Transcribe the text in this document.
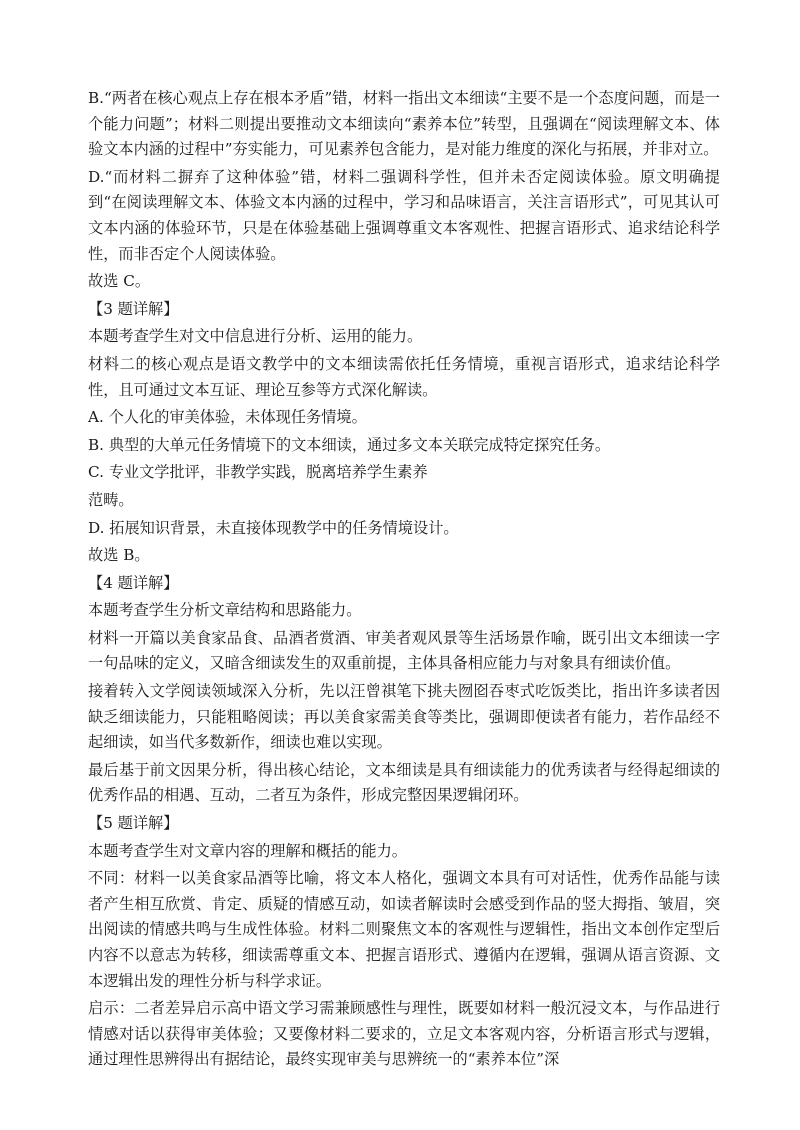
B.“两者在核心观点上存在根本矛盾”错，材料一指出文本细读“主要不是一个态度问题，而是一个能力问题”；材料二则提出要推动文本细读向“素养本位”转型，且强调在“阅读理解文本、体验文本内涵的过程中”夯实能力，可见素养包含能力，是对能力维度的深化与拓展，并非对立。

D.“而材料二摒弃了这种体验”错，材料二强调科学性，但并未否定阅读体验。原文明确提到“在阅读理解文本、体验文本内涵的过程中，学习和品味语言，关注言语形式”，可见其认可文本内涵的体验环节，只是在体验基础上强调尊重文本客观性、把握言语形式、追求结论科学性，而非否定个人阅读体验。

故选 C。

【3 题详解】

本题考查学生对文中信息进行分析、运用的能力。

材料二的核心观点是语文教学中的文本细读需依托任务情境，重视言语形式，追求结论科学性，且可通过文本互证、理论互参等方式深化解读。

A. 个人化的审美体验，未体现任务情境。

B. 典型的大单元任务情境下的文本细读，通过多文本关联完成特定探究任务。

C. 专业文学批评，非教学实践，脱离培养学生素养

范畴。

D. 拓展知识背景，未直接体现教学中的任务情境设计。

故选 B。

【4 题详解】

本题考查学生分析文章结构和思路能力。

材料一开篇以美食家品食、品酒者赏酒、审美者观风景等生活场景作喻，既引出文本细读一字一句品味的定义，又暗含细读发生的双重前提，主体具备相应能力与对象具有细读价值。

接着转入文学阅读领域深入分析，先以汪曾祺笔下挑夫囫囵吞枣式吃饭类比，指出许多读者因缺乏细读能力，只能粗略阅读；再以美食家需美食等类比，强调即便读者有能力，若作品经不起细读，如当代多数新作，细读也难以实现。

最后基于前文因果分析，得出核心结论，文本细读是具有细读能力的优秀读者与经得起细读的优秀作品的相遇、互动，二者互为条件，形成完整因果逻辑闭环。

【5 题详解】

本题考查学生对文章内容的理解和概括的能力。

不同：材料一以美食家品酒等比喻，将文本人格化，强调文本具有可对话性，优秀作品能与读者产生相互欣赏、肯定、质疑的情感互动，如读者解读时会感受到作品的竖大拇指、皱眉，突出阅读的情感共鸣与生成性体验。材料二则聚焦文本的客观性与逻辑性，指出文本创作定型后内容不以意志为转移，细读需尊重文本、把握言语形式、遵循内在逻辑，强调从语言资源、文本逻辑出发的理性分析与科学求证。

启示：二者差异启示高中语文学习需兼顾感性与理性，既要如材料一般沉浸文本，与作品进行情感对话以获得审美体验；又要像材料二要求的，立足文本客观内容，分析语言形式与逻辑，通过理性思辨得出有据结论，最终实现审美与思辨统一的“素养本位”深
